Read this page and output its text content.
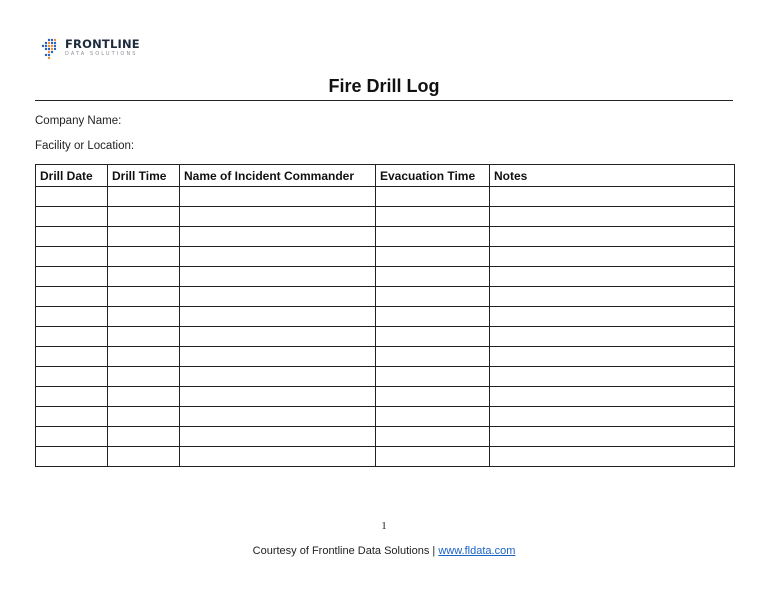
FRONTLINE
DATA SOLUTIONS
Fire Drill Log
Company Name:
Facility or Location:
Drill Date	Drill Time	Name of Incident Commander	Evacuation Time	Notes

1
Courtesy of Frontline Data Solutions | www.fldata.com
